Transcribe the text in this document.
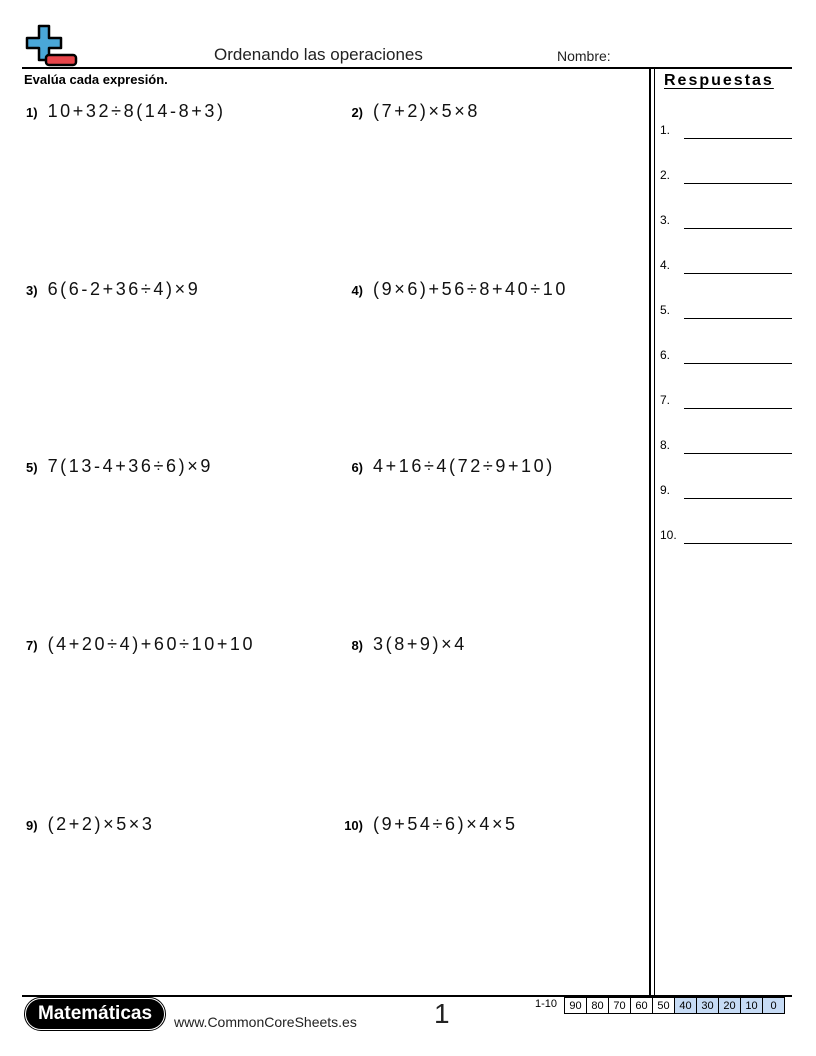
Ordenando las operaciones	Nombre:
Evalúa cada expresión.
1) 10+32÷8(14-8+3)	2) (7+2)×5×8
3) 6(6-2+36÷4)×9	4) (9×6)+56÷8+40÷10
5) 7(13-4+36÷6)×9	6) 4+16÷4(72÷9+10)
7) (4+20÷4)+60÷10+10	8) 3(8+9)×4
9) (2+2)×5×3	10) (9+54÷6)×4×5
Respuestas
1.
2.
3.
4.
5.
6.
7.
8.
9.
10.
Matemáticas	www.CommonCoreSheets.es	1	1-10 90	80	70	60	50	40	30	20	10	0
